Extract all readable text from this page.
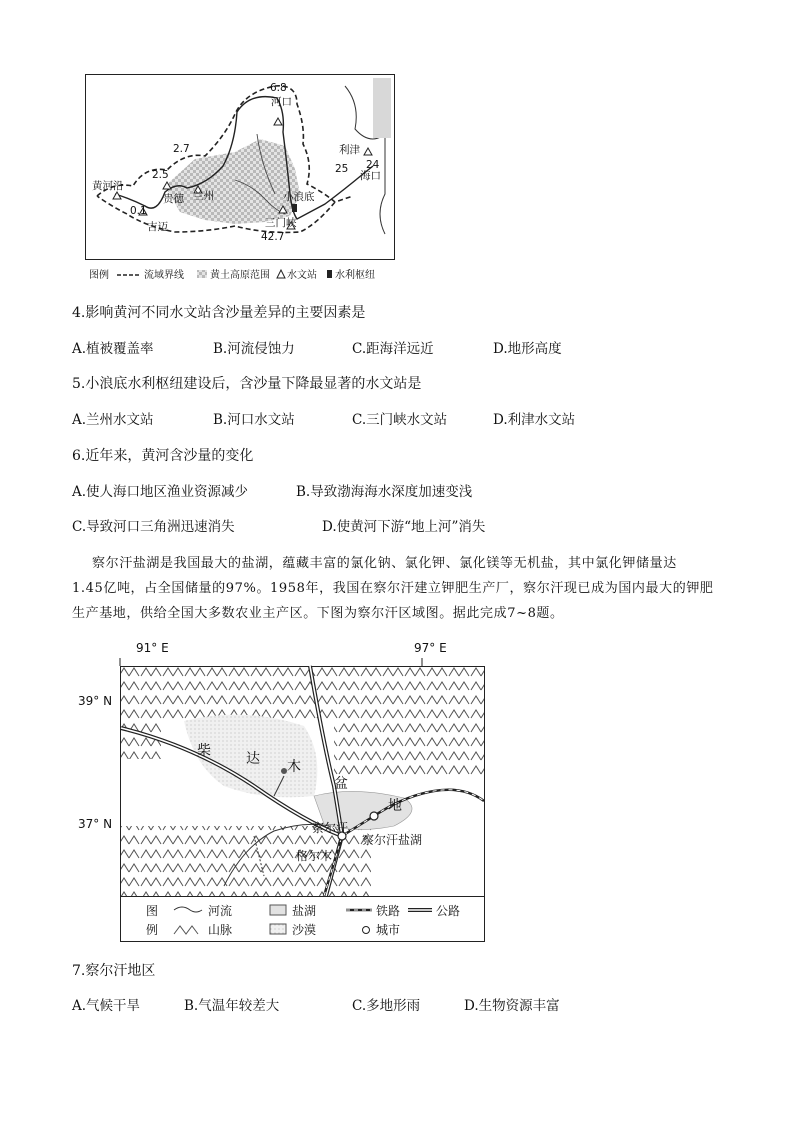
6.8
河口
2.7
2.5
黄河沿
贵德 兰州
0.1
吉迈
小浪底
三门峡
42.7
利津
25 24
海口
图例	流域界线	黄土高原范围 水文站 水利枢纽
4.影响黄河不同水文站含沙量差异的主要因素是
A.植被覆盖率	B.河流侵蚀力	C.距海洋远近	D.地形高度
5.小浪底水利枢纽建设后，含沙量下降最显著的水文站是
A.兰州水文站	B.河口水文站	C.三门峡水文站	D.利津水文站
6.近年来，黄河含沙量的变化
A.使人海口地区渔业资源减少	B.导致渤海海水深度加速变浅
C.导致河口三角洲迅速消失	D.使黄河下游“地上河”消失
察尔汗盐湖是我国最大的盐湖，蕴藏丰富的氯化钠、氯化钾、氯化镁等无机盐，其中氯化钾储量达
1.45亿吨，占全国储量的97%。1958年，我国在察尔汗建立钾肥生产厂，察尔汗现已成为国内最大的钾肥
生产基地，供给全国大多数农业主产区。下图为察尔汗区域图。据此完成7~8题。
91° E	97° E
39° N
37° N
柴	达 木
盆
地
察尔汗
察尔汗盐湖
格尔木
图
例
河流	盐湖	铁路	公路
山脉	沙漠	城市
7.察尔汗地区
A.气候干旱	B.气温年较差大	C.多地形雨	D.生物资源丰富
